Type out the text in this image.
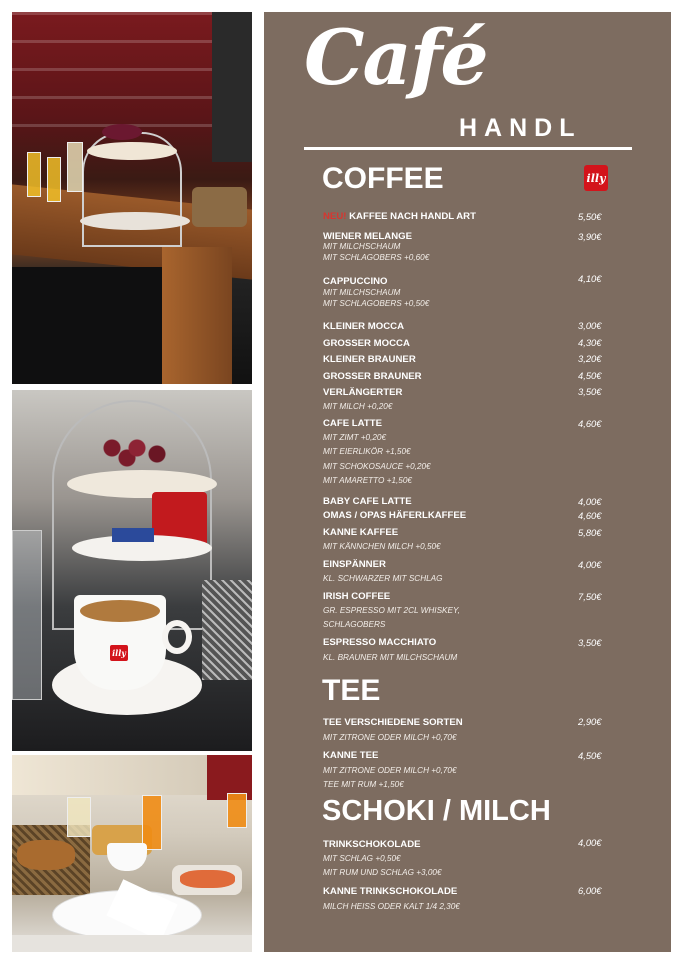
illy
Café
HANDL
COFFEE	illy
NEU! KAFFEE NACH HANDL ART	5,50€
WIENER MELANGE	3,90€
MIT MILCHSCHAUM
MIT SCHLAGOBERS +0,60€
CAPPUCCINO	4,10€
MIT MILCHSCHAUM
MIT SCHLAGOBERS +0,50€
KLEINER MOCCA	3,00€
GROSSER MOCCA	4,30€
KLEINER BRAUNER	3,20€
GROSSER BRAUNER	4,50€
VERLÄNGERTER	3,50€
MIT MILCH +0,20€
CAFE LATTE	4,60€
MIT ZIMT +0,20€
MIT EIERLIKÖR +1,50€
MIT SCHOKOSAUCE +0,20€
MIT AMARETTO +1,50€
BABY CAFE LATTE	4,00€
OMAS / OPAS HÄFERLKAFFEE	4,60€
KANNE KAFFEE	5,80€
MIT KÄNNCHEN MILCH +0,50€
EINSPÄNNER	4,00€
KL. SCHWARZER MIT SCHLAG
IRISH COFFEE	7,50€
GR. ESPRESSO MIT 2CL WHISKEY,
SCHLAGOBERS
ESPRESSO MACCHIATO	3,50€
KL. BRAUNER MIT MILCHSCHAUM
TEE
TEE VERSCHIEDENE SORTEN	2,90€
MIT ZITRONE ODER MILCH +0,70€
KANNE TEE	4,50€
MIT ZITRONE ODER MILCH +0,70€
TEE MIT RUM +1,50€
SCHOKI / MILCH
TRINKSCHOKOLADE	4,00€
MIT SCHLAG +0,50€
MIT RUM UND SCHLAG +3,00€
KANNE TRINKSCHOKOLADE	6,00€
MILCH HEISS ODER KALT 1/4 2,30€
